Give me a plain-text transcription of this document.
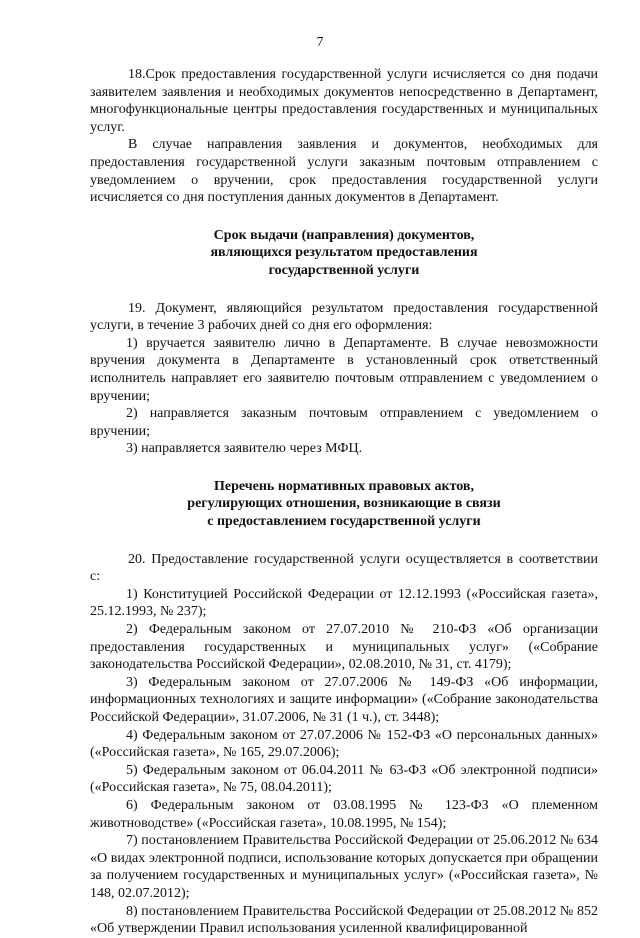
7

18.Срок предоставления государственной услуги исчисляется со дня подачи заявителем заявления и необходимых документов непосредственно в Департамент, многофункциональные центры предоставления государственных и муниципальных услуг.

В случае направления заявления и документов, необходимых для предоставления государственной услуги заказным почтовым отправлением с уведомлением о вручении, срок предоставления государственной услуги исчисляется со дня поступления данных документов в Департамент.

Срок выдачи (направления) документов,

являющихся результатом предоставления

государственной услуги

19. Документ, являющийся результатом предоставления государственной услуги, в течение 3 рабочих дней со дня его оформления:

1) вручается заявителю лично в Департаменте. В случае невозможности вручения документа в Департаменте в установленный срок ответственный исполнитель направляет его заявителю почтовым отправлением с уведомлением о вручении;

2) направляется заказным почтовым отправлением с уведомлением о вручении;

3) направляется заявителю через МФЦ.

Перечень нормативных правовых актов,

регулирующих отношения, возникающие в связи

с предоставлением государственной услуги

20. Предоставление государственной услуги осуществляется в соответствии с:

1) Конституцией Российской Федерации от 12.12.1993 («Российская газета», 25.12.1993, № 237);

2) Федеральным законом от 27.07.2010 № 210-ФЗ «Об организации предоставления государственных и муниципальных услуг» («Собрание законодательства Российской Федерации», 02.08.2010, № 31, ст. 4179);

3) Федеральным законом от 27.07.2006 № 149-ФЗ «Об информации, информационных технологиях и защите информации» («Собрание законодательства Российской Федерации», 31.07.2006, № 31 (1 ч.), ст. 3448);

4) Федеральным законом от 27.07.2006 № 152-ФЗ «О персональных данных» («Российская газета», № 165, 29.07.2006);

5) Федеральным законом от 06.04.2011 № 63-ФЗ «Об электронной подписи» («Российская газета», № 75, 08.04.2011);

6) Федеральным законом от 03.08.1995 № 123-ФЗ «О племенном животноводстве» («Российская газета», 10.08.1995, № 154);

7) постановлением Правительства Российской Федерации от 25.06.2012 № 634 «О видах электронной подписи, использование которых допускается при обращении за получением государственных и муниципальных услуг» («Российская газета», № 148, 02.07.2012);

8) постановлением Правительства Российской Федерации от 25.08.2012 № 852 «Об утверждении Правил использования усиленной квалифицированной
